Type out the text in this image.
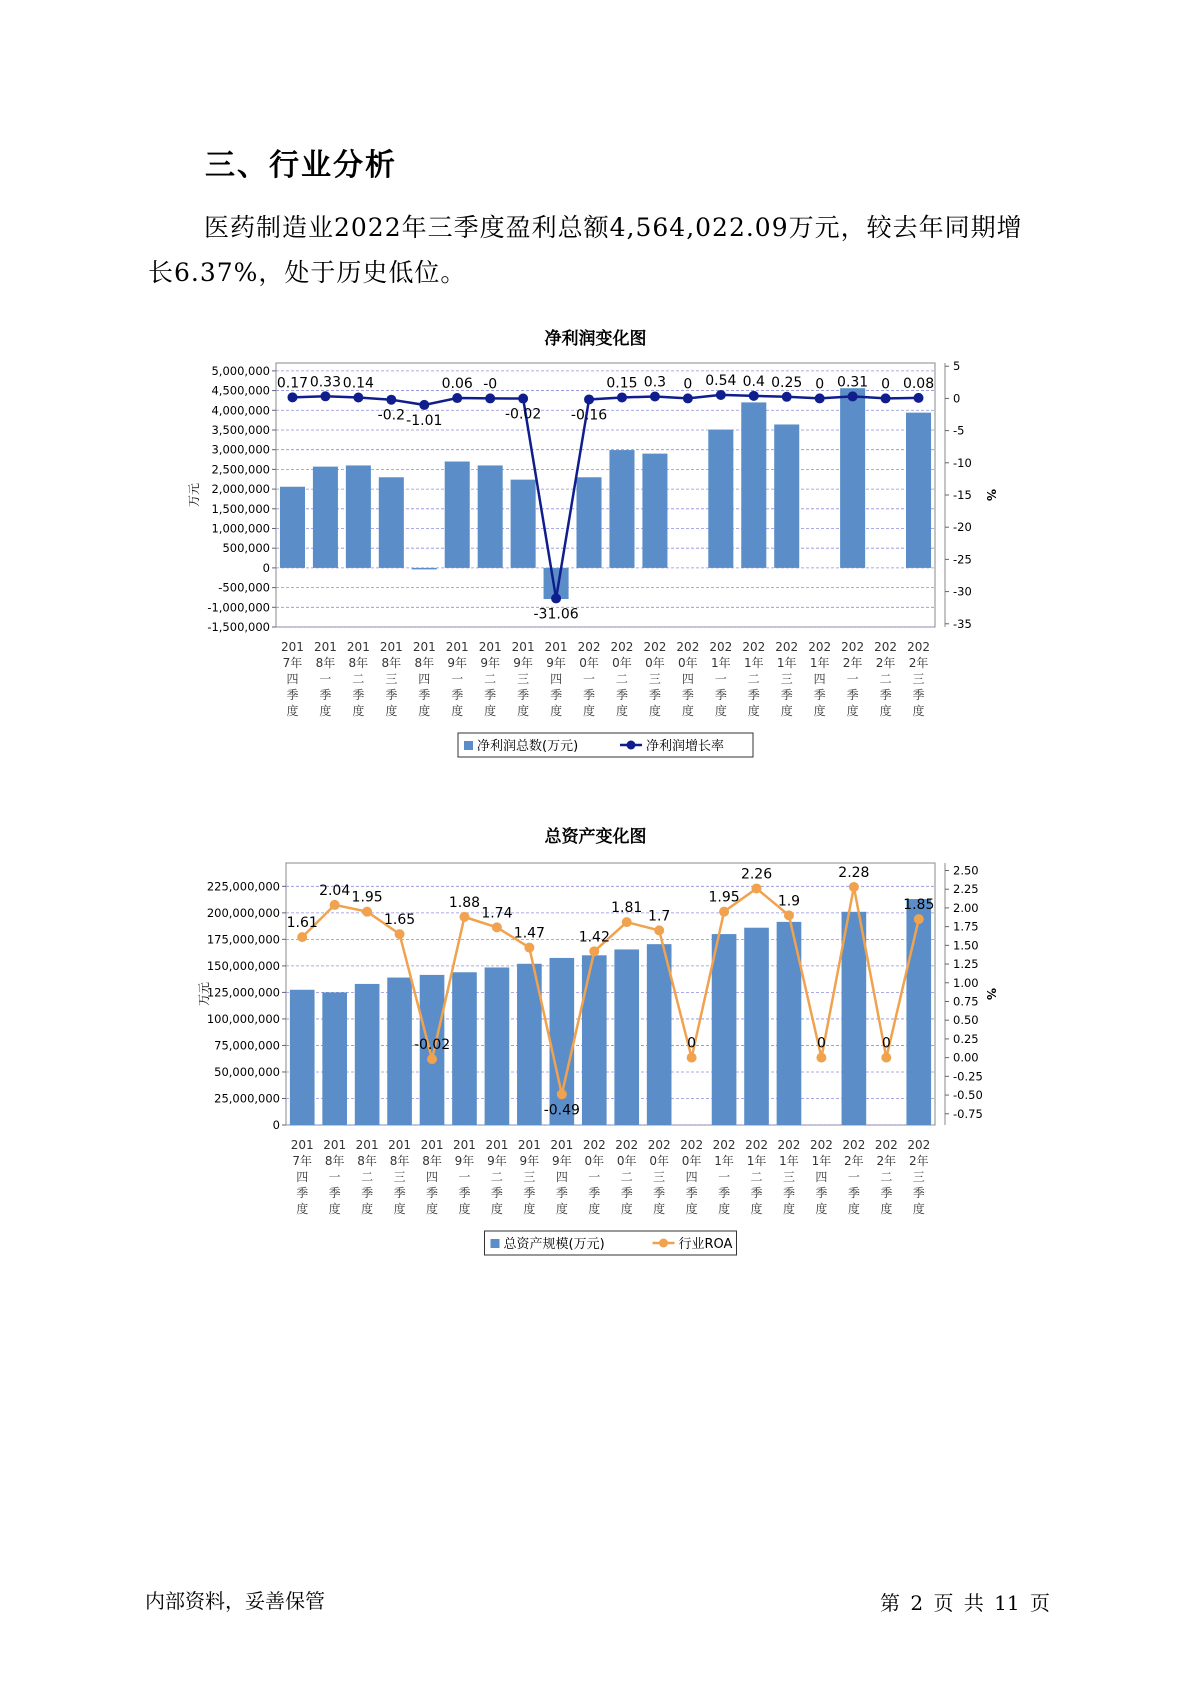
三、行业分析
医药制造业2022年三季度盈利总额4,564,022.09万元，较去年同期增长6.37%，处于历史低位。
净利润变化图
-1,500,000
-1,000,000
-500,000
0
500,000
1,000,000
1,500,000
2,000,000
2,500,000
3,000,000
3,500,000
4,000,000
4,500,000
5,000,000
-35
-30
-25
-20
-15
-10
-5
0
5
万元	%
0.17 0.33 0.14
-0.2 -1.01
0.06 -0
-0.02
-31.06
-0.16
0.15 0.3 0 0.54 0.4 0.25 0 0.31 0 0.08
201
7年
四
季
度
201
8年
一
季
度
201
8年
二
季
度
201
8年
三
季
度
201
8年
四
季
度
201
9年
一
季
度
201
9年
二
季
度
201
9年
三
季
度
201
9年
四
季
度
202
0年
一
季
度
202
0年
二
季
度
202
0年
三
季
度
202
0年
四
季
度
202
1年
一
季
度
202
1年
二
季
度
202
1年
三
季
度
202
1年
四
季
度
202
2年
一
季
度
202
2年
二
季
度
202
2年
三
季
度
净利润总数(万元)	净利润增长率
总资产变化图
0
25,000,000
50,000,000
75,000,000
100,000,000
125,000,000
150,000,000
175,000,000
200,000,000
225,000,000
-0.75
-0.50
-0.25
0.00
0.25
0.50
0.75
1.00
1.25
1.50
1.75
2.00
2.25
2.50
万元	%
1.61
2.04 1.95
1.65
-0.02
1.88
1.74
1.47
-0.49
1.42
1.81
1.7
0
1.95
2.26
1.9
0
2.28
0
1.85
201
7年
四
季
度
201
8年
一
季
度
201
8年
二
季
度
201
8年
三
季
度
201
8年
四
季
度
201
9年
一
季
度
201
9年
二
季
度
201
9年
三
季
度
201
9年
四
季
度
202
0年
一
季
度
202
0年
二
季
度
202
0年
三
季
度
202
0年
四
季
度
202
1年
一
季
度
202
1年
二
季
度
202
1年
三
季
度
202
1年
四
季
度
202
2年
一
季
度
202
2年
二
季
度
202
2年
三
季
度
总资产规模(万元)	行业ROA
内部资料，妥善保管	第 2 页 共 11 页
